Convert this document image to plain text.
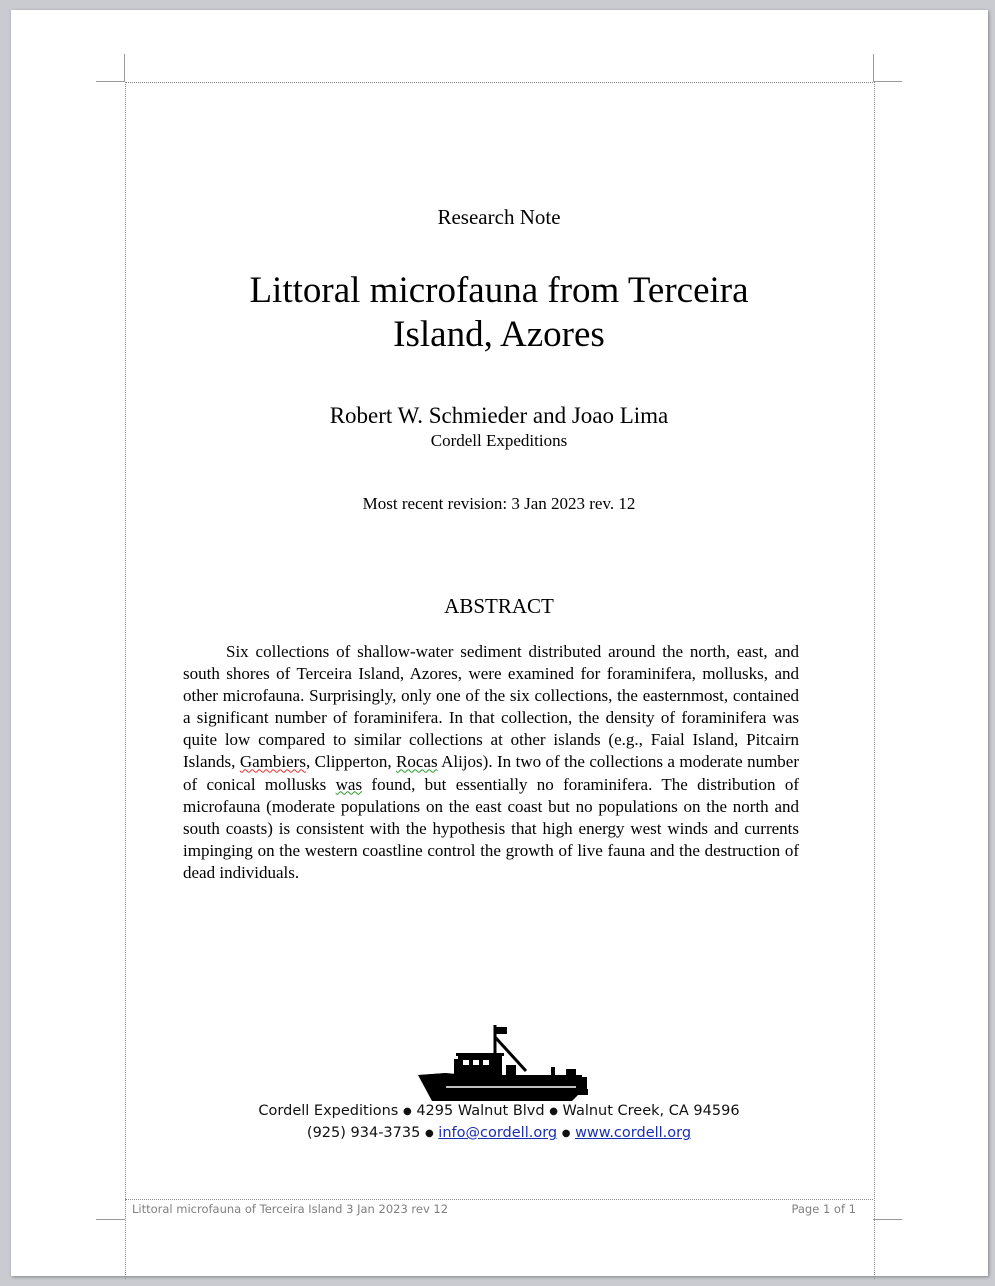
Research Note
Littoral microfauna from Terceira
Island, Azores
Robert W. Schmieder and Joao Lima
Cordell Expeditions
Most recent revision: 3 Jan 2023 rev. 12
ABSTRACT

Six collections of shallow-water sediment distributed around the north, east, and south shores of Terceira Island, Azores, were examined for foraminifera, mollusks, and other microfauna. Surprisingly, only one of the six collections, the easternmost, contained a significant number of foraminifera. In that collection, the density of foraminifera was quite low compared to similar collections at other islands (e.g., Faial Island, Pitcairn Islands, Gambiers, Clipperton, Rocas Alijos). In two of the collections a moderate number of conical mollusks was found, but essentially no foraminifera. The distribution of microfauna (moderate populations on the east coast but no populations on the north and south coasts) is consistent with the hypothesis that high energy west winds and currents impinging on the western coastline control the growth of live fauna and the destruction of dead individuals.

Cordell Expeditions ● 4295 Walnut Blvd ● Walnut Creek, CA 94596
(925) 934-3735 ● info@cordell.org ● www.cordell.org
Littoral microfauna of Terceira Island 3 Jan 2023 rev 12	Page 1 of 1
